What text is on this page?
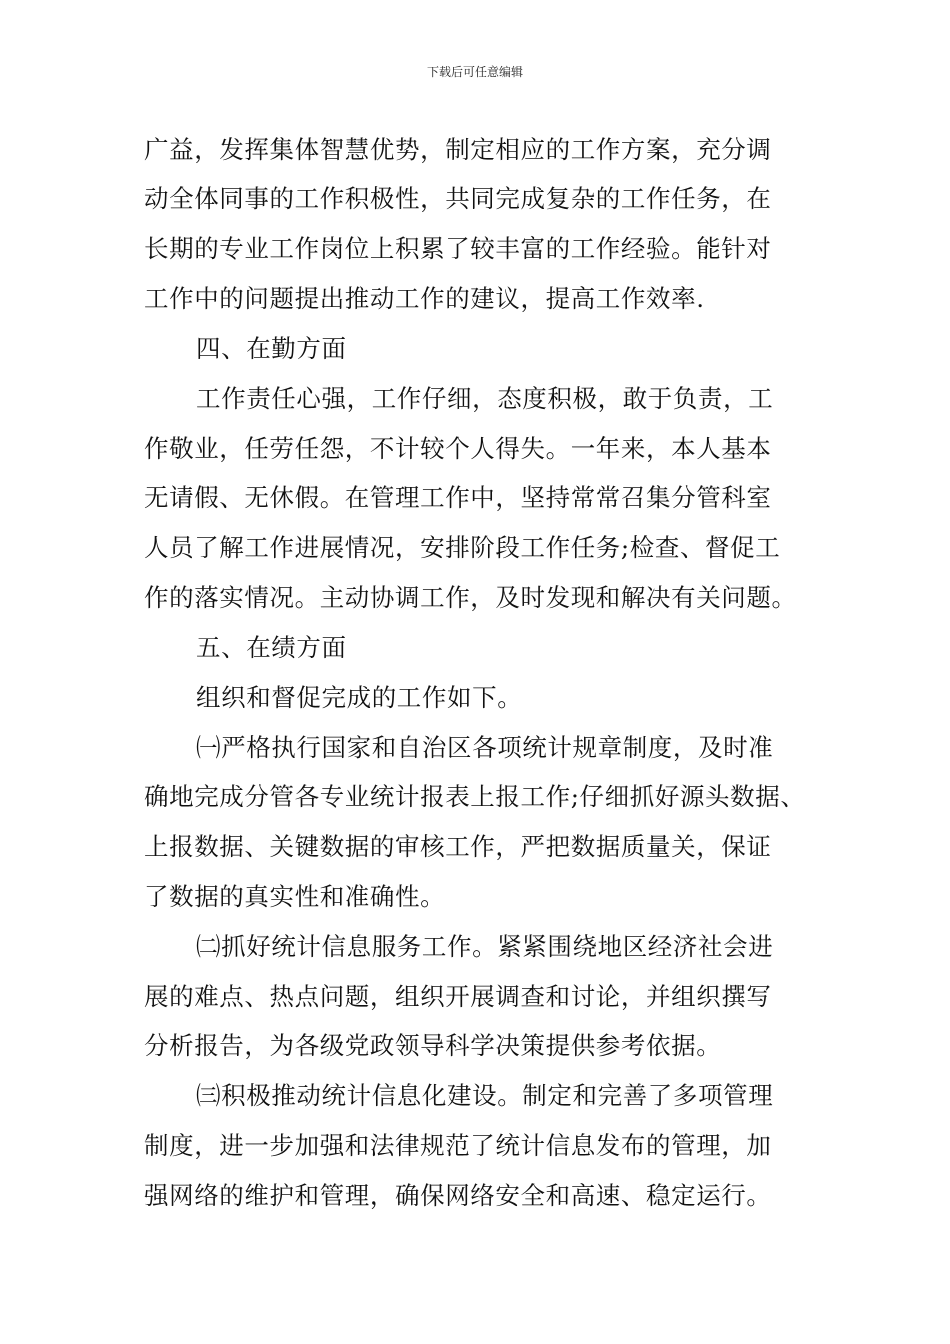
下载后可任意编辑
广益，发挥集体智慧优势，制定相应的工作方案，充分调
动全体同事的工作积极性，共同完成复杂的工作任务，在
长期的专业工作岗位上积累了较丰富的工作经验。能针对
工作中的问题提出推动工作的建议，提高工作效率.
四、在勤方面
工作责任心强，工作仔细，态度积极，敢于负责，工
作敬业，任劳任怨，不计较个人得失。一年来，本人基本
无请假、无休假。在管理工作中，坚持常常召集分管科室
人员了解工作进展情况，安排阶段工作任务;检查、督促工
作的落实情况。主动协调工作，及时发现和解决有关问题。
五、在绩方面
组织和督促完成的工作如下。
㈠严格执行国家和自治区各项统计规章制度，及时准
确地完成分管各专业统计报表上报工作;仔细抓好源头数据、
上报数据、关键数据的审核工作，严把数据质量关，保证
了数据的真实性和准确性。
㈡抓好统计信息服务工作。紧紧围绕地区经济社会进
展的难点、热点问题，组织开展调查和讨论，并组织撰写
分析报告，为各级党政领导科学决策提供参考依据。
㈢积极推动统计信息化建设。制定和完善了多项管理
制度，进一步加强和法律规范了统计信息发布的管理，加
强网络的维护和管理，确保网络安全和高速、稳定运行。
